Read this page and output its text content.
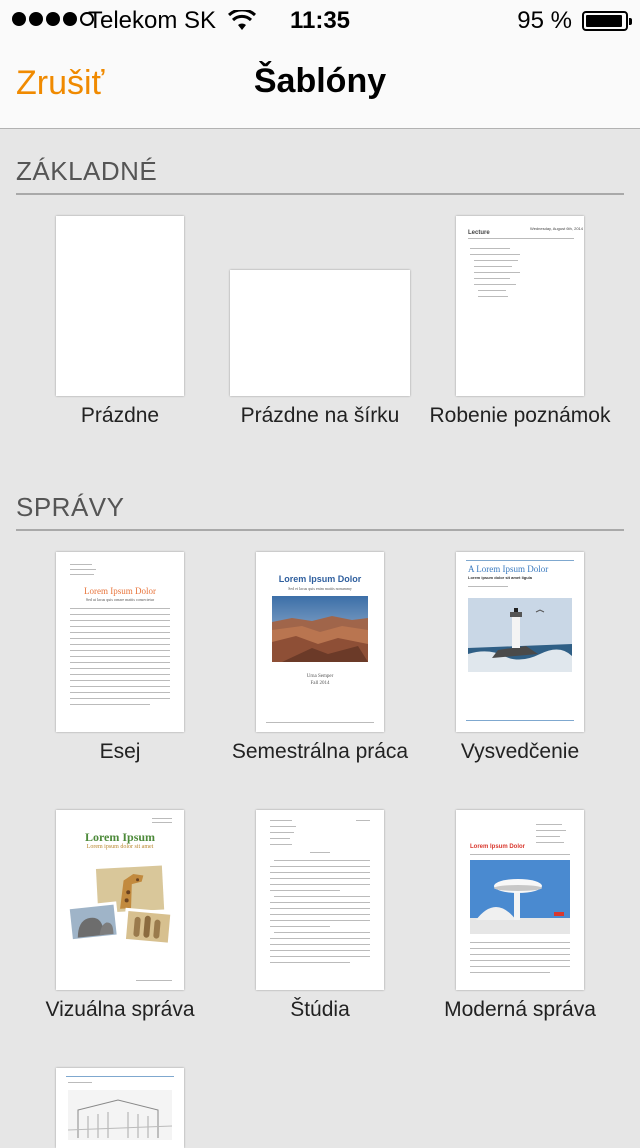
Telekom SK	11:35	95 %
Zrušiť	Šablóny
ZÁKLADNÉ
Prázdne	Prázdne na šírku
Lecture
Wednesday, August 6th, 2014
Robenie poznámok
SPRÁVY
Lorem Ipsum Dolor
Sed ut lacus quis ornare mattis consectetur
Esej
Lorem Ipsum Dolor
Sed et lacus quis enim mattis nonummy
Urna Semper
Fall 2014
Semestrálna práca
A Lorem Ipsum Dolor
Lorem ipsum dolor sit amet ligula
Vysvedčenie
Lorem Ipsum
Lorem ipsum dolor sit amet
Vizuálna správa	Štúdia
Lorem Ipsum Dolor
Moderná správa
